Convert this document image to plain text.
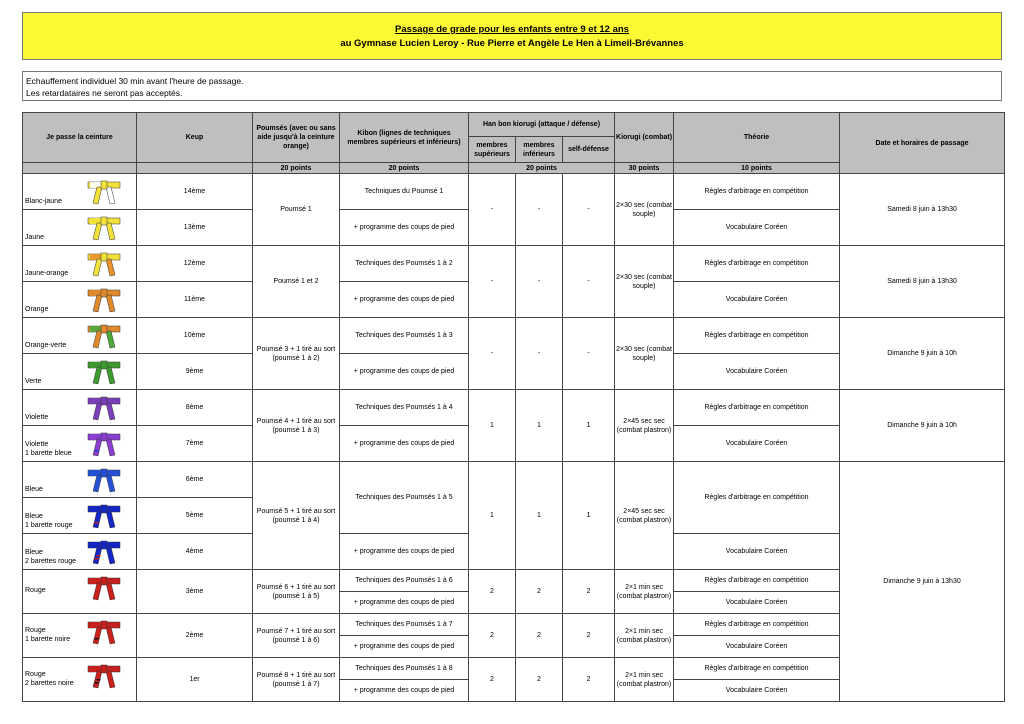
Passage de grade pour les enfants entre 9 et 12 ans
au Gymnase Lucien Leroy - Rue Pierre et Angèle Le Hen à Limeil-Brévannes
Echauffement individuel 30 min avant l'heure de passage.
Les retardataires ne seront pas acceptés.
Je passe la ceinture	Keup	Poumsés (avec ou sans aide jusqu'à la ceinture orange)	Kibon (lignes de techniques membres supérieurs et inférieurs)	Han bon kiorugi (attaque / défense)			Kiorugi (combat)	Théorie	Date et horaires de passage
				membres supérieurs	membres inférieurs	self-défense			
		20 points	20 points	20 points			30 points	10 points	

Blanc-jaune	14ème	Poumsé 1	Techniques du Poumsé 1	-	-	-	2×30 sec (combat souple)	Règles d'arbitrage en compétition	Samedi 8 juin à 13h30

Jaune	13ème		+ programme des coups de pied					Vocabulaire Coréen	

Jaune-orange	12ème	Poumsé 1 et 2	Techniques des Poumsés 1 à 2	-	-	-	2×30 sec (combat souple)	Règles d'arbitrage en compétition	Samedi 8 juin à 13h30

Orange	11ème		+ programme des coups de pied					Vocabulaire Coréen	

Orange-verte	10ème	Poumsé 3 + 1 tiré au sort (poumsé 1 à 2)	Techniques des Poumsés 1 à 3	-	-	-	2×30 sec (combat souple)	Règles d'arbitrage en compétition	Dimanche 9 juin à 10h

Verte	9ème		+ programme des coups de pied					Vocabulaire Coréen	

Violette	8ème	Poumsé 4 + 1 tiré au sort (poumsé 1 à 3)	Techniques des Poumsés 1 à 4	1	1	1	2×45 sec sec (combat plastron)	Règles d'arbitrage en compétition	Dimanche 9 juin à 10h

Violette
1 barette bleue	7ème		+ programme des coups de pied					Vocabulaire Coréen	

Bleue	6ème	Poumsé 5 + 1 tiré au sort (poumsé 1 à 4)	Techniques des Poumsés 1 à 5	1	1	1	2×45 sec sec (combat plastron)	Règles d'arbitrage en compétition	Dimanche 9 juin à 13h30

Bleue
1 barette rouge	5ème								

Bleue
2 barettes rouge	4ème		+ programme des coups de pied					Vocabulaire Coréen	

Rouge	3ème	Poumsé 6 + 1 tiré au sort (poumsé 1 à 5)	Techniques des Poumsés 1 à 6	2	2	2	2×1 min sec (combat plastron)	Règles d'arbitrage en compétition	
			+ programme des coups de pied					Vocabulaire Coréen	

Rouge
1 barette noire	2ème	Poumsé 7 + 1 tiré au sort (poumsé 1 à 6)	Techniques des Poumsés 1 à 7	2	2	2	2×1 min sec (combat plastron)	Règles d'arbitrage en compétition	
			+ programme des coups de pied					Vocabulaire Coréen	

Rouge
2 barettes noire	1er	Poumsé 8 + 1 tiré au sort (poumsé 1 à 7)	Techniques des Poumsés 1 à 8	2	2	2	2×1 min sec (combat plastron)	Règles d'arbitrage en compétition	
			+ programme des coups de pied					Vocabulaire Coréen	
